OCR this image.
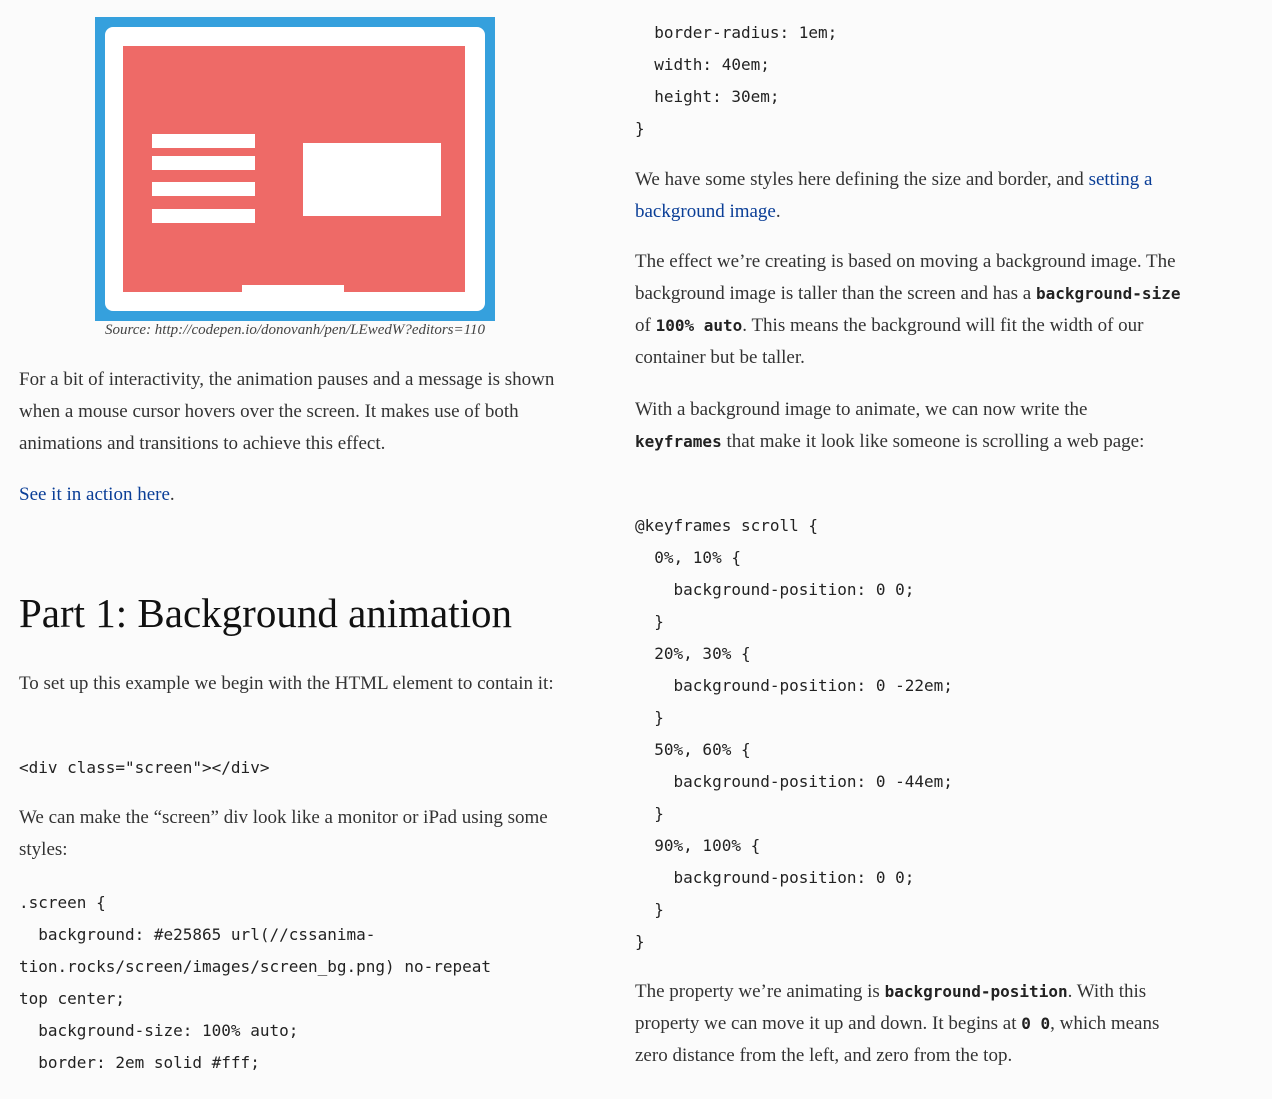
Source: http://codepen.io/donovanh/pen/LEwedW?editors=110

For a bit of interactivity, the animation pauses and a message is shown when a mouse cursor hovers over the screen. It makes use of both animations and transitions to achieve this effect.

See it in action here.

Part 1: Background animation

To set up this example we begin with the HTML element to contain it:

<div class="screen"></div>

We can make the “screen” div look like a monitor or iPad using some styles:

.screen {
background: #e25865 url(//cssanima-
tion.rocks/screen/images/screen_bg.png) no-repeat
top center;
background-size: 100% auto;
border: 2em solid #fff;
border-radius: 1em;
width: 40em;
height: 30em;
}

We have some styles here defining the size and border, and setting a background image.

The effect we’re creating is based on moving a background image. The background image is taller than the screen and has a background-size of 100% auto. This means the background will fit the width of our container but be taller.

With a background image to animate, we can now write the keyframes that make it look like someone is scrolling a web page:

@keyframes scroll {
0%, 10% {
background-position: 0 0;
}
20%, 30% {
background-position: 0 -22em;
}
50%, 60% {
background-position: 0 -44em;
}
90%, 100% {
background-position: 0 0;
}
}

The property we’re animating is background-position. With this property we can move it up and down. It begins at 0 0, which means zero distance from the left, and zero from the top.
